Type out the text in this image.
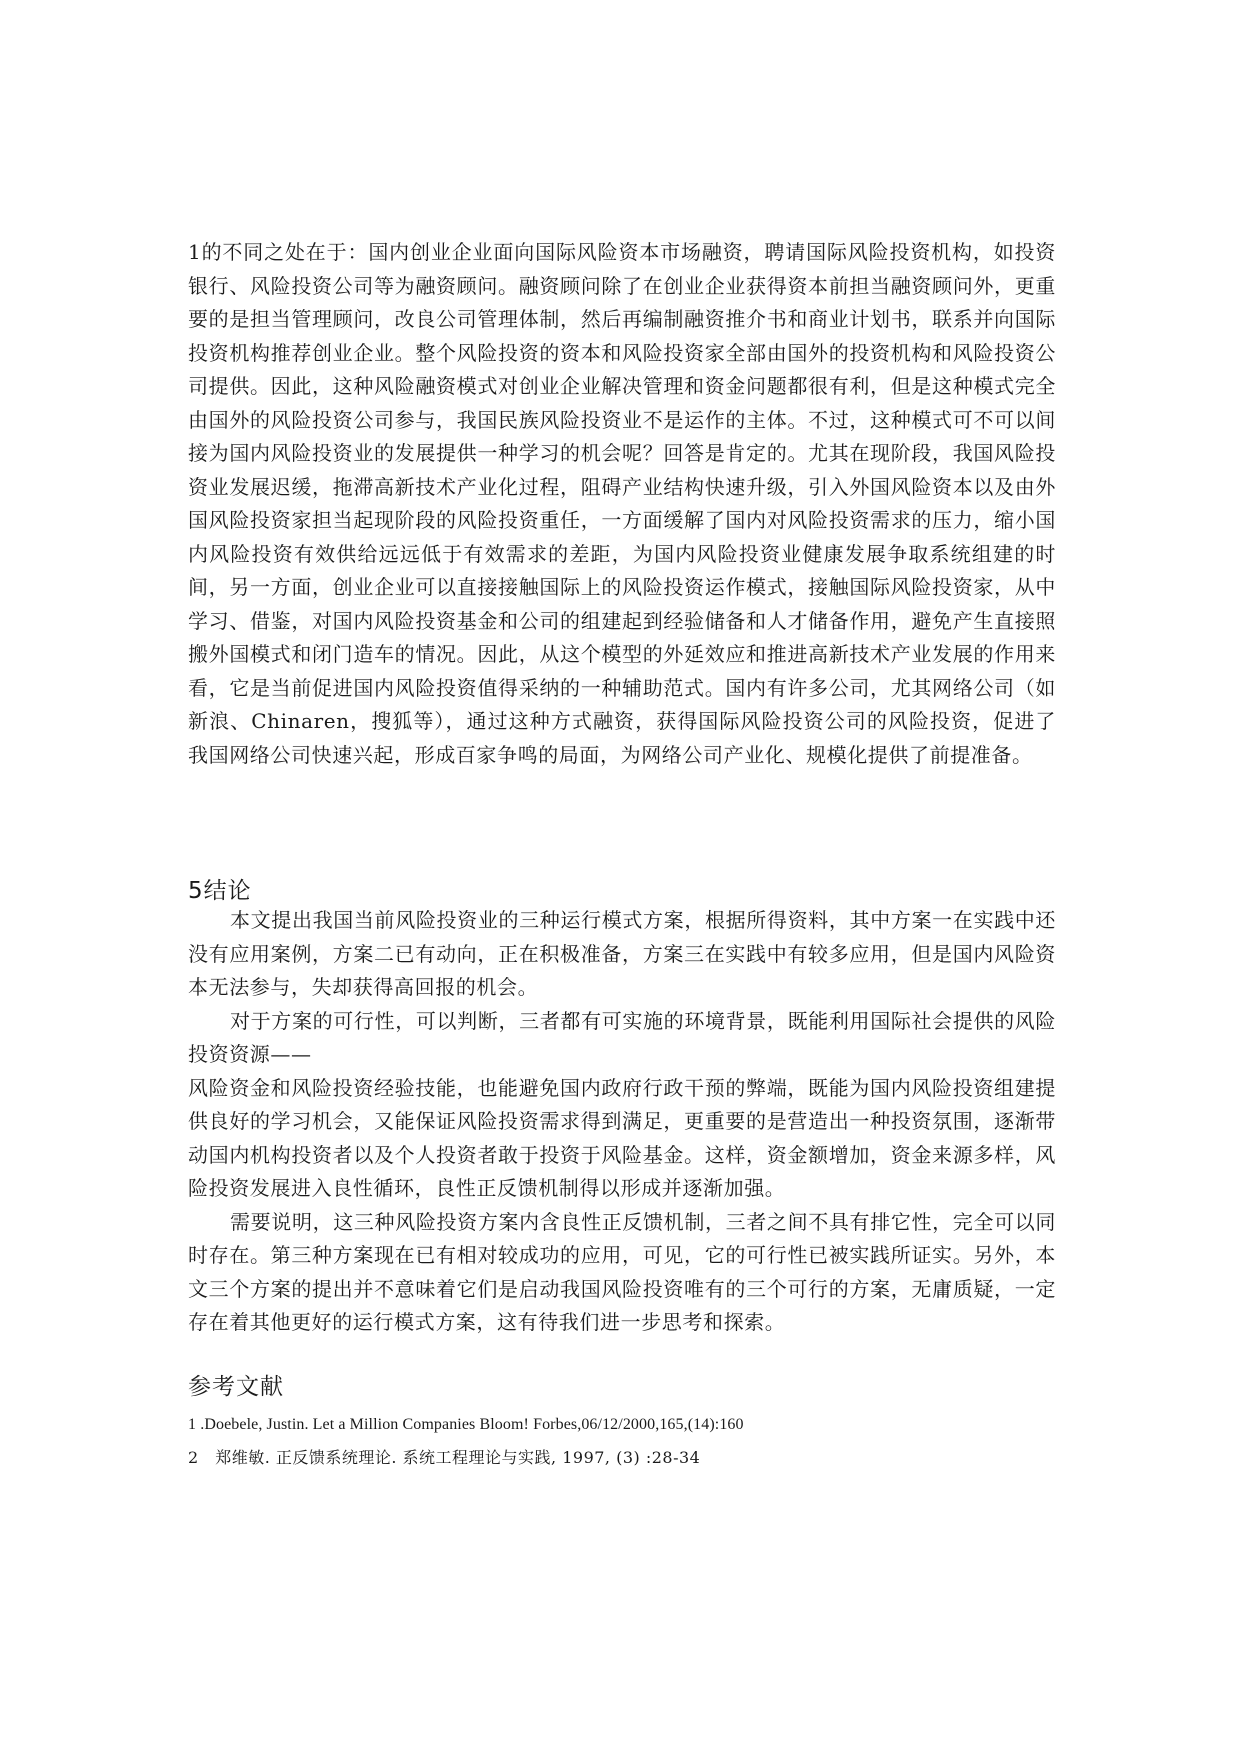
1的不同之处在于：国内创业企业面向国际风险资本市场融资，聘请国际风险投资机构，如投资银行、风险投资公司等为融资顾问。融资顾问除了在创业企业获得资本前担当融资顾问外，更重要的是担当管理顾问，改良公司管理体制，然后再编制融资推介书和商业计划书，联系并向国际投资机构推荐创业企业。整个风险投资的资本和风险投资家全部由国外的投资机构和风险投资公司提供。因此，这种风险融资模式对创业企业解决管理和资金问题都很有利，但是这种模式完全由国外的风险投资公司参与，我国民族风险投资业不是运作的主体。不过，这种模式可不可以间接为国内风险投资业的发展提供一种学习的机会呢？回答是肯定的。尤其在现阶段，我国风险投资业发展迟缓，拖滞高新技术产业化过程，阻碍产业结构快速升级，引入外国风险资本以及由外国风险投资家担当起现阶段的风险投资重任，一方面缓解了国内对风险投资需求的压力，缩小国内风险投资有效供给远远低于有效需求的差距，为国内风险投资业健康发展争取系统组建的时间，另一方面，创业企业可以直接接触国际上的风险投资运作模式，接触国际风险投资家，从中学习、借鉴，对国内风险投资基金和公司的组建起到经验储备和人才储备作用，避免产生直接照搬外国模式和闭门造车的情况。因此，从这个模型的外延效应和推进高新技术产业发展的作用来看，它是当前促进国内风险投资值得采纳的一种辅助范式。国内有许多公司，尤其网络公司（如新浪、Chinaren，搜狐等），通过这种方式融资，获得国际风险投资公司的风险投资，促进了我国网络公司快速兴起，形成百家争鸣的局面，为网络公司产业化、规模化提供了前提准备。

5结论

本文提出我国当前风险投资业的三种运行模式方案，根据所得资料，其中方案一在实践中还没有应用案例，方案二已有动向，正在积极准备，方案三在实践中有较多应用，但是国内风险资本无法参与，失却获得高回报的机会。

对于方案的可行性，可以判断，三者都有可实施的环境背景，既能利用国际社会提供的风险投资资源——

风险资金和风险投资经验技能，也能避免国内政府行政干预的弊端，既能为国内风险投资组建提供良好的学习机会，又能保证风险投资需求得到满足，更重要的是营造出一种投资氛围，逐渐带动国内机构投资者以及个人投资者敢于投资于风险基金。这样，资金额增加，资金来源多样，风险投资发展进入良性循环，良性正反馈机制得以形成并逐渐加强。

需要说明，这三种风险投资方案内含良性正反馈机制，三者之间不具有排它性，完全可以同时存在。第三种方案现在已有相对较成功的应用，可见，它的可行性已被实践所证实。另外，本文三个方案的提出并不意味着它们是启动我国风险投资唯有的三个可行的方案，无庸质疑，一定存在着其他更好的运行模式方案，这有待我们进一步思考和探索。

参考文献
1 .Doebele, Justin. Let a Million Companies Bloom! Forbes,06/12/2000,165,(14):160
2　郑维敏. 正反馈系统理论. 系统工程理论与实践, 1997, (3) :28-34
